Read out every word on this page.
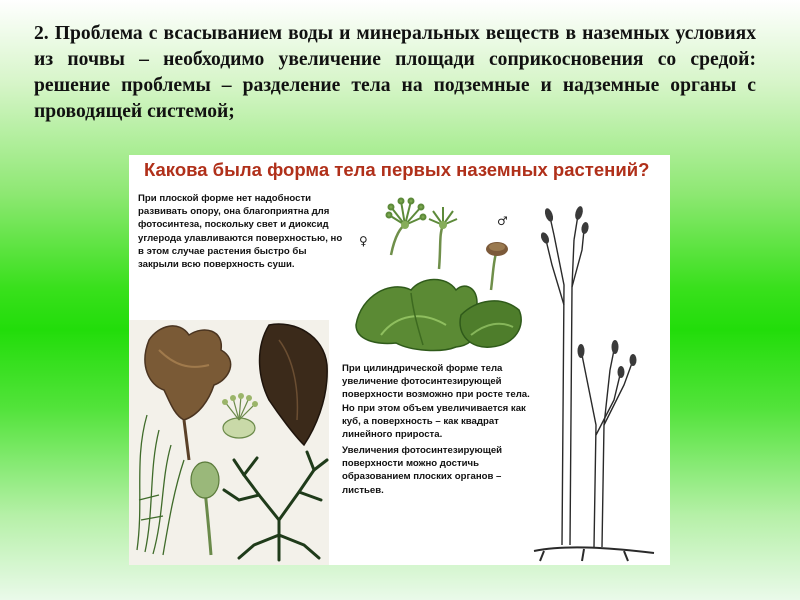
2. Проблема с всасыванием воды и минеральных веществ в наземных условиях из почвы – необходимо увеличение площади соприкосновения со средой: решение проблемы – разделение тела на подземные и надземные органы с проводящей системой;

Какова была форма тела первых наземных растений?

При плоской форме нет надобности развивать опору, она благоприятна для фотосинтеза, поскольку свет и диоксид углерода улавливаются поверхностью, но в этом случае растения быстро бы закрыли всю поверхность суши.

♀
♂

При цилиндрической форме тела увеличение фотосинтезирующей поверхности возможно при росте тела. Но при этом объем увеличивается как куб, а поверхность – как квадрат линейного прироста.

Увеличения фотосинтезирующей поверхности можно достичь образованием плоских органов – листьев.
